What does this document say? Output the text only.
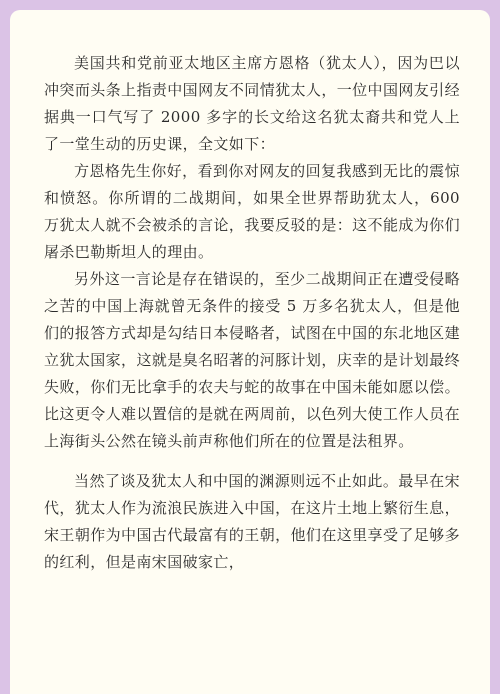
美国共和党前亚太地区主席方恩格（犹太人），因为巴以冲突而头条上指责中国网友不同情犹太人，一位中国网友引经据典一口气写了 2000 多字的长文给这名犹太裔共和党人上了一堂生动的历史课，全文如下：

方恩格先生你好，看到你对网友的回复我感到无比的震惊和愤怒。你所谓的二战期间，如果全世界帮助犹太人，600 万犹太人就不会被杀的言论，我要反驳的是：这不能成为你们屠杀巴勒斯坦人的理由。

另外这一言论是存在错误的，至少二战期间正在遭受侵略之苦的中国上海就曾无条件的接受 5 万多名犹太人，但是他们的报答方式却是勾结日本侵略者，试图在中国的东北地区建立犹太国家，这就是臭名昭著的河豚计划，庆幸的是计划最终失败，你们无比拿手的农夫与蛇的故事在中国未能如愿以偿。比这更令人难以置信的是就在两周前，以色列大使工作人员在上海街头公然在镜头前声称他们所在的位置是法租界。

当然了谈及犹太人和中国的渊源则远不止如此。最早在宋代，犹太人作为流浪民族进入中国，在这片土地上繁衍生息，宋王朝作为中国古代最富有的王朝，他们在这里享受了足够多的红利，但是南宋国破家亡，
